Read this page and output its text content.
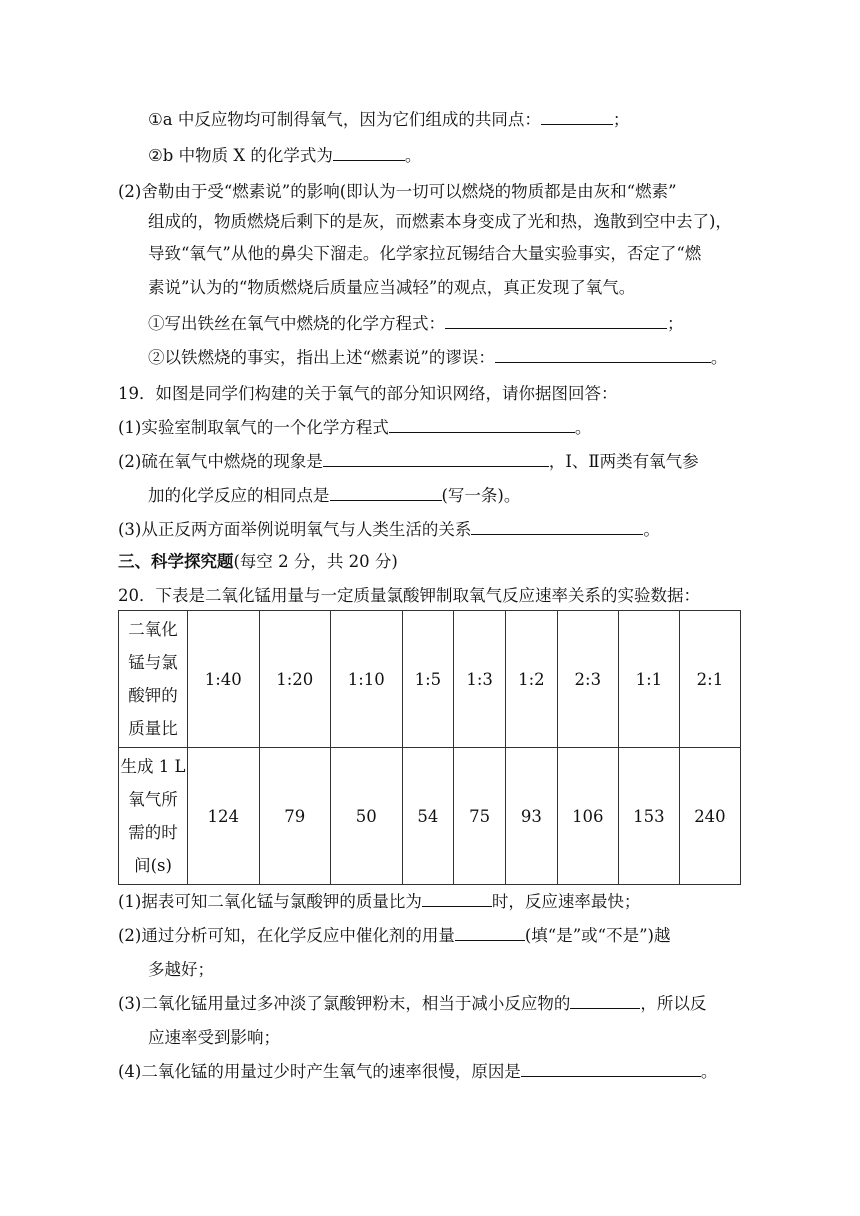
①a 中反应物均可制得氧气，因为它们组成的共同点：	；
②b 中物质 X 的化学式为	。
(2)舍勒由于受“燃素说”的影响(即认为一切可以燃烧的物质都是由灰和“燃素”
组成的，物质燃烧后剩下的是灰，而燃素本身变成了光和热，逸散到空中去了)，
导致“氧气”从他的鼻尖下溜走。化学家拉瓦锡结合大量实验事实，否定了“燃
素说”认为的“物质燃烧后质量应当减轻”的观点，真正发现了氧气。
①写出铁丝在氧气中燃烧的化学方程式：	；
②以铁燃烧的事实，指出上述“燃素说”的谬误：	。
19．如图是同学们构建的关于氧气的部分知识网络，请你据图回答：
(1)实验室制取氧气的一个化学方程式	。
(2)硫在氧气中燃烧的现象是	，Ⅰ、Ⅱ两类有氧气参
加的化学反应的相同点是	(写一条)。
(3)从正反两方面举例说明氧气与人类生活的关系	。
三、科学探究题(每空 2 分，共 20 分)
20．下表是二氧化锰用量与一定质量氯酸钾制取氧气反应速率关系的实验数据：
二氧化
锰与氯
酸钾的
质量比	1:40	1:20	1:10	1:5	1:3	1:2	2:3	1:1	2:1

生成 1 L
氧气所
需的时
间(s)	124	79	50	54	75	93	106	153	240
(1)据表可知二氧化锰与氯酸钾的质量比为	时，反应速率最快；
(2)通过分析可知，在化学反应中催化剂的用量	(填“是”或“不是”)越
多越好；
(3)二氧化锰用量过多冲淡了氯酸钾粉末，相当于减小反应物的	，所以反
应速率受到影响；
(4)二氧化锰的用量过少时产生氧气的速率很慢，原因是	。
